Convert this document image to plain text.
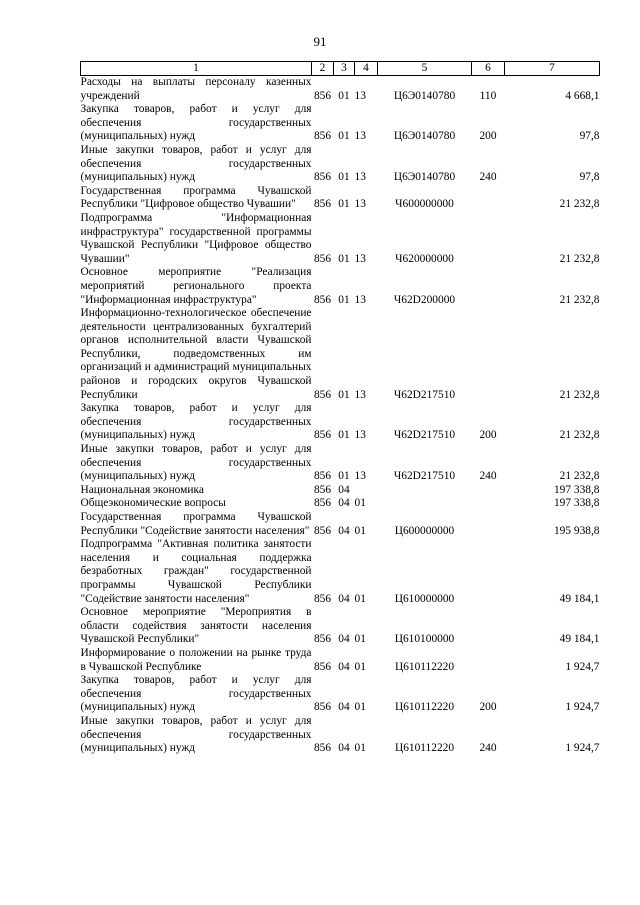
91
1	2	3	4	5	6	7
Расходы на выплаты персоналу казенных учреждений	856	01	13	Ц6Э0140780	110	4 668,1
Закупка товаров, работ и услуг для обеспечения государственных (муниципальных) нужд	856	01	13	Ц6Э0140780	200	97,8
Иные закупки товаров, работ и услуг для обеспечения государственных (муниципальных) нужд	856	01	13	Ц6Э0140780	240	97,8
Государственная программа Чувашской Республики "Цифровое общество Чувашии"	856	01	13	Ч600000000		21 232,8
Подпрограмма "Информационная инфраструктура" государственной программы Чувашской Республики "Цифровое общество Чувашии"	856	01	13	Ч620000000		21 232,8
Основное мероприятие "Реализация мероприятий регионального проекта "Информационная инфраструктура"	856	01	13	Ч62D200000		21 232,8
Информационно-технологическое обеспечение деятельности централизованных бухгалтерий органов исполнительной власти Чувашской Республики, подведомственных им организаций и администраций муниципальных районов и городских округов Чувашской Республики	856	01	13	Ч62D217510		21 232,8
Закупка товаров, работ и услуг для обеспечения государственных (муниципальных) нужд	856	01	13	Ч62D217510	200	21 232,8
Иные закупки товаров, работ и услуг для обеспечения государственных (муниципальных) нужд	856	01	13	Ч62D217510	240	21 232,8
Национальная экономика	856	04				197 338,8
Общеэкономические вопросы	856	04	01			197 338,8
Государственная программа Чувашской Республики "Содействие занятости населения"	856	04	01	Ц600000000		195 938,8
Подпрограмма "Активная политика занятости населения и социальная поддержка безработных граждан" государственной программы Чувашской Республики "Содействие занятости населения"	856	04	01	Ц610000000		49 184,1
Основное мероприятие "Мероприятия в области содействия занятости населения Чувашской Республики"	856	04	01	Ц610100000		49 184,1
Информирование о положении на рынке труда в Чувашской Республике	856	04	01	Ц610112220		1 924,7
Закупка товаров, работ и услуг для обеспечения государственных (муниципальных) нужд	856	04	01	Ц610112220	200	1 924,7
Иные закупки товаров, работ и услуг для обеспечения государственных (муниципальных) нужд	856	04	01	Ц610112220	240	1 924,7
